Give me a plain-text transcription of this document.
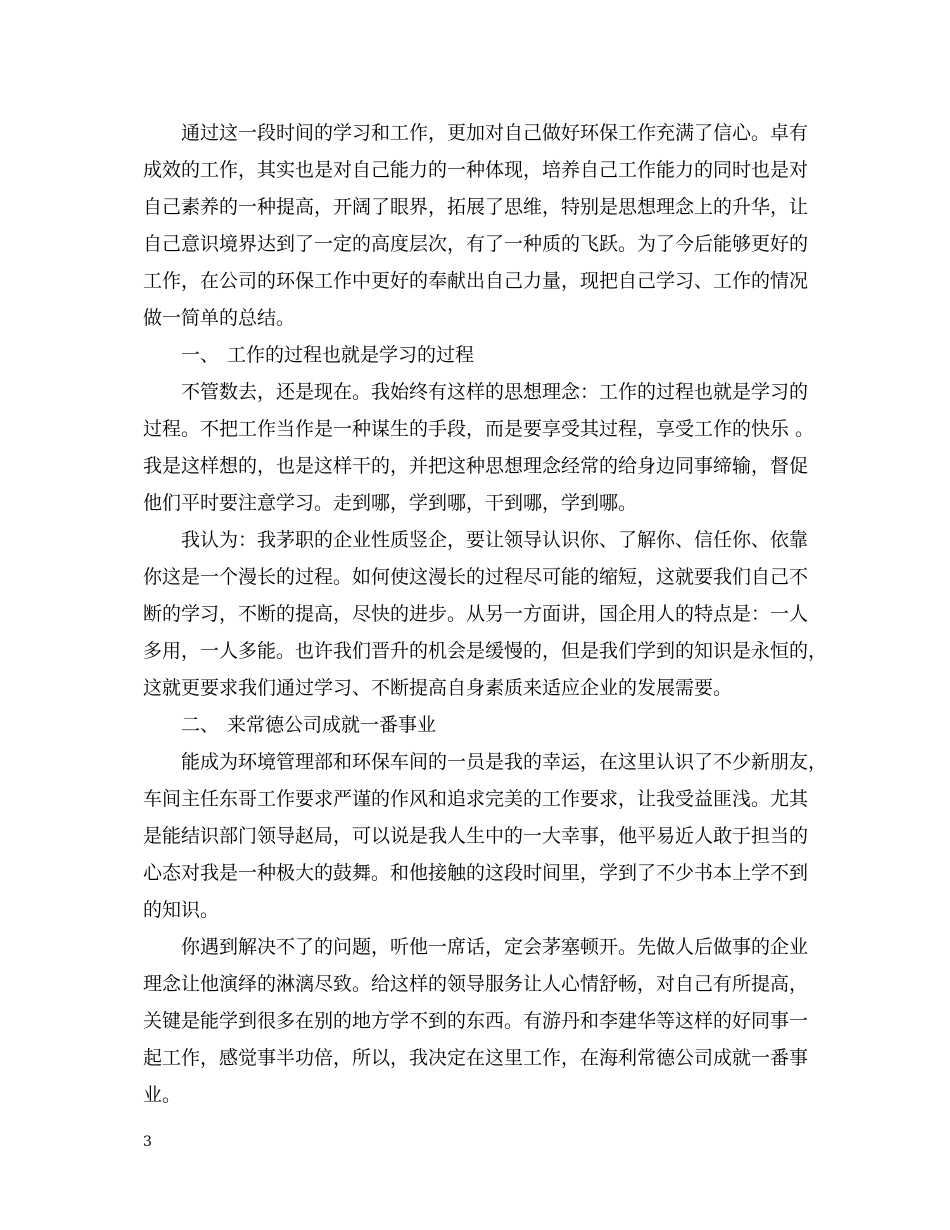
通过这一段时间的学习和工作，更加对自己做好环保工作充满了信心。卓有
成效的工作，其实也是对自己能力的一种体现，培养自己工作能力的同时也是对
自己素养的一种提高，开阔了眼界，拓展了思维，特别是思想理念上的升华，让
自己意识境界达到了一定的高度层次，有了一种质的飞跃。为了今后能够更好的
工作，在公司的环保工作中更好的奉献出自己力量，现把自己学习、工作的情况
做一简单的总结。
一、 工作的过程也就是学习的过程
不管数去，还是现在。我始终有这样的思想理念：工作的过程也就是学习的
过程。不把工作当作是一种谋生的手段，而是要享受其过程，享受工作的快乐 。
我是这样想的，也是这样干的，并把这种思想理念经常的给身边同事缔输，督促
他们平时要注意学习。走到哪，学到哪，干到哪，学到哪。
我认为：我茅职的企业性质竖企，要让领导认识你、了解你、信任你、依靠
你这是一个漫长的过程。如何使这漫长的过程尽可能的缩短，这就要我们自己不
断的学习，不断的提高，尽快的进步。从另一方面讲，国企用人的特点是：一人
多用，一人多能。也许我们晋升的机会是缓慢的，但是我们学到的知识是永恒的，
这就更要求我们通过学习、不断提高自身素质来适应企业的发展需要。
二、 来常德公司成就一番事业
能成为环境管理部和环保车间的一员是我的幸运，在这里认识了不少新朋友，
车间主任东哥工作要求严谨的作风和追求完美的工作要求，让我受益匪浅。尤其
是能结识部门领导赵局，可以说是我人生中的一大幸事，他平易近人敢于担当的
心态对我是一种极大的鼓舞。和他接触的这段时间里，学到了不少书本上学不到
的知识。
你遇到解决不了的问题，听他一席话，定会茅塞顿开。先做人后做事的企业
理念让他演绎的淋漓尽致。给这样的领导服务让人心情舒畅，对自己有所提高，
关键是能学到很多在别的地方学不到的东西。有游丹和李建华等这样的好同事一
起工作，感觉事半功倍，所以，我决定在这里工作，在海利常德公司成就一番事
业。
3
